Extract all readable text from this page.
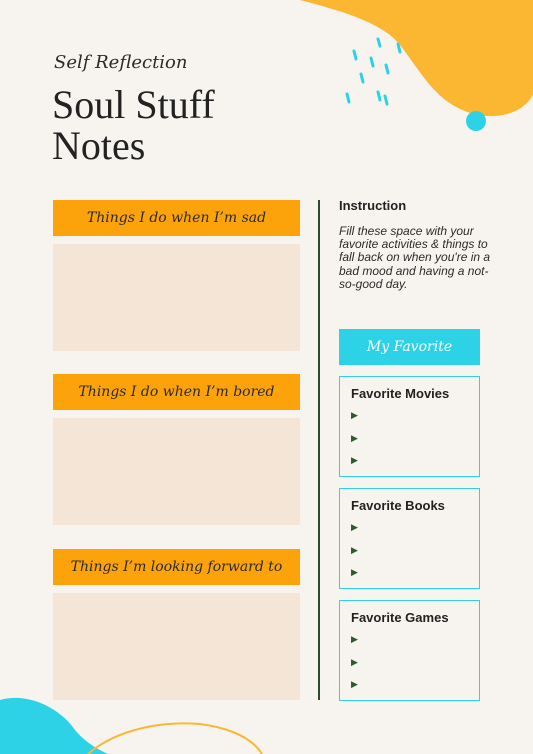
Self Reflection

Soul Stuff Notes
Things I do when I’m sad
Things I do when I’m bored
Things I’m looking forward to

Instruction

Fill these space with your favorite activities & things to fall back on when you're in a bad mood and having a not-so-good day.

My Favorite

Favorite Movies

▶
▶
▶

Favorite Books

▶
▶
▶

Favorite Games

▶
▶
▶
